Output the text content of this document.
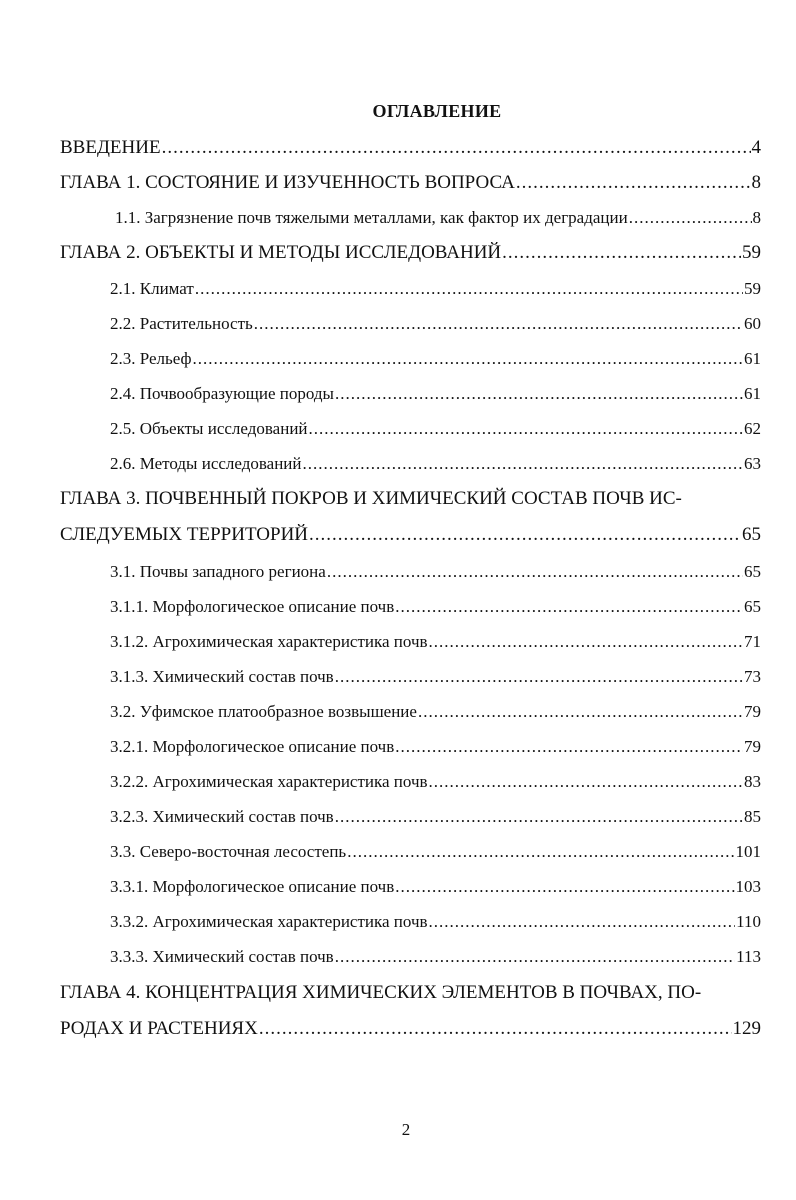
ОГЛАВЛЕНИЕ
ВВЕДЕНИЕ .....	4
ГЛАВА 1. СОСТОЯНИЕ И ИЗУЧЕННОСТЬ ВОПРОСА .....	8
1.1. Загрязнение почв тяжелыми металлами, как фактор их деградации .....	8
ГЛАВА 2. ОБЪЕКТЫ И МЕТОДЫ ИССЛЕДОВАНИЙ .....	59
2.1. Климат .....	59
2.2. Растительность .....	60
2.3. Рельеф .....	61
2.4. Почвообразующие породы .....	61
2.5. Объекты исследований .....	62
2.6. Методы исследований .....	63
ГЛАВА 3. ПОЧВЕННЫЙ ПОКРОВ И ХИМИЧЕСКИЙ СОСТАВ ПОЧВ ИС-
СЛЕДУЕМЫХ ТЕРРИТОРИЙ .....	65
3.1. Почвы западного региона .....	65
3.1.1. Морфологическое описание почв .....	65
3.1.2. Агрохимическая характеристика почв .....	71
3.1.3. Химический состав почв .....	73
3.2. Уфимское платообразное возвышение .....	79
3.2.1. Морфологическое описание почв .....	79
3.2.2. Агрохимическая характеристика почв .....	83
3.2.3. Химический состав почв .....	85
3.3. Северо-восточная лесостепь .....	101
3.3.1. Морфологическое описание почв .....	103
3.3.2. Агрохимическая характеристика почв .....	110
3.3.3. Химический состав почв .....	113
ГЛАВА 4. КОНЦЕНТРАЦИЯ ХИМИЧЕСКИХ ЭЛЕМЕНТОВ В ПОЧВАХ, ПО-
РОДАХ И РАСТЕНИЯХ .....	129
2
